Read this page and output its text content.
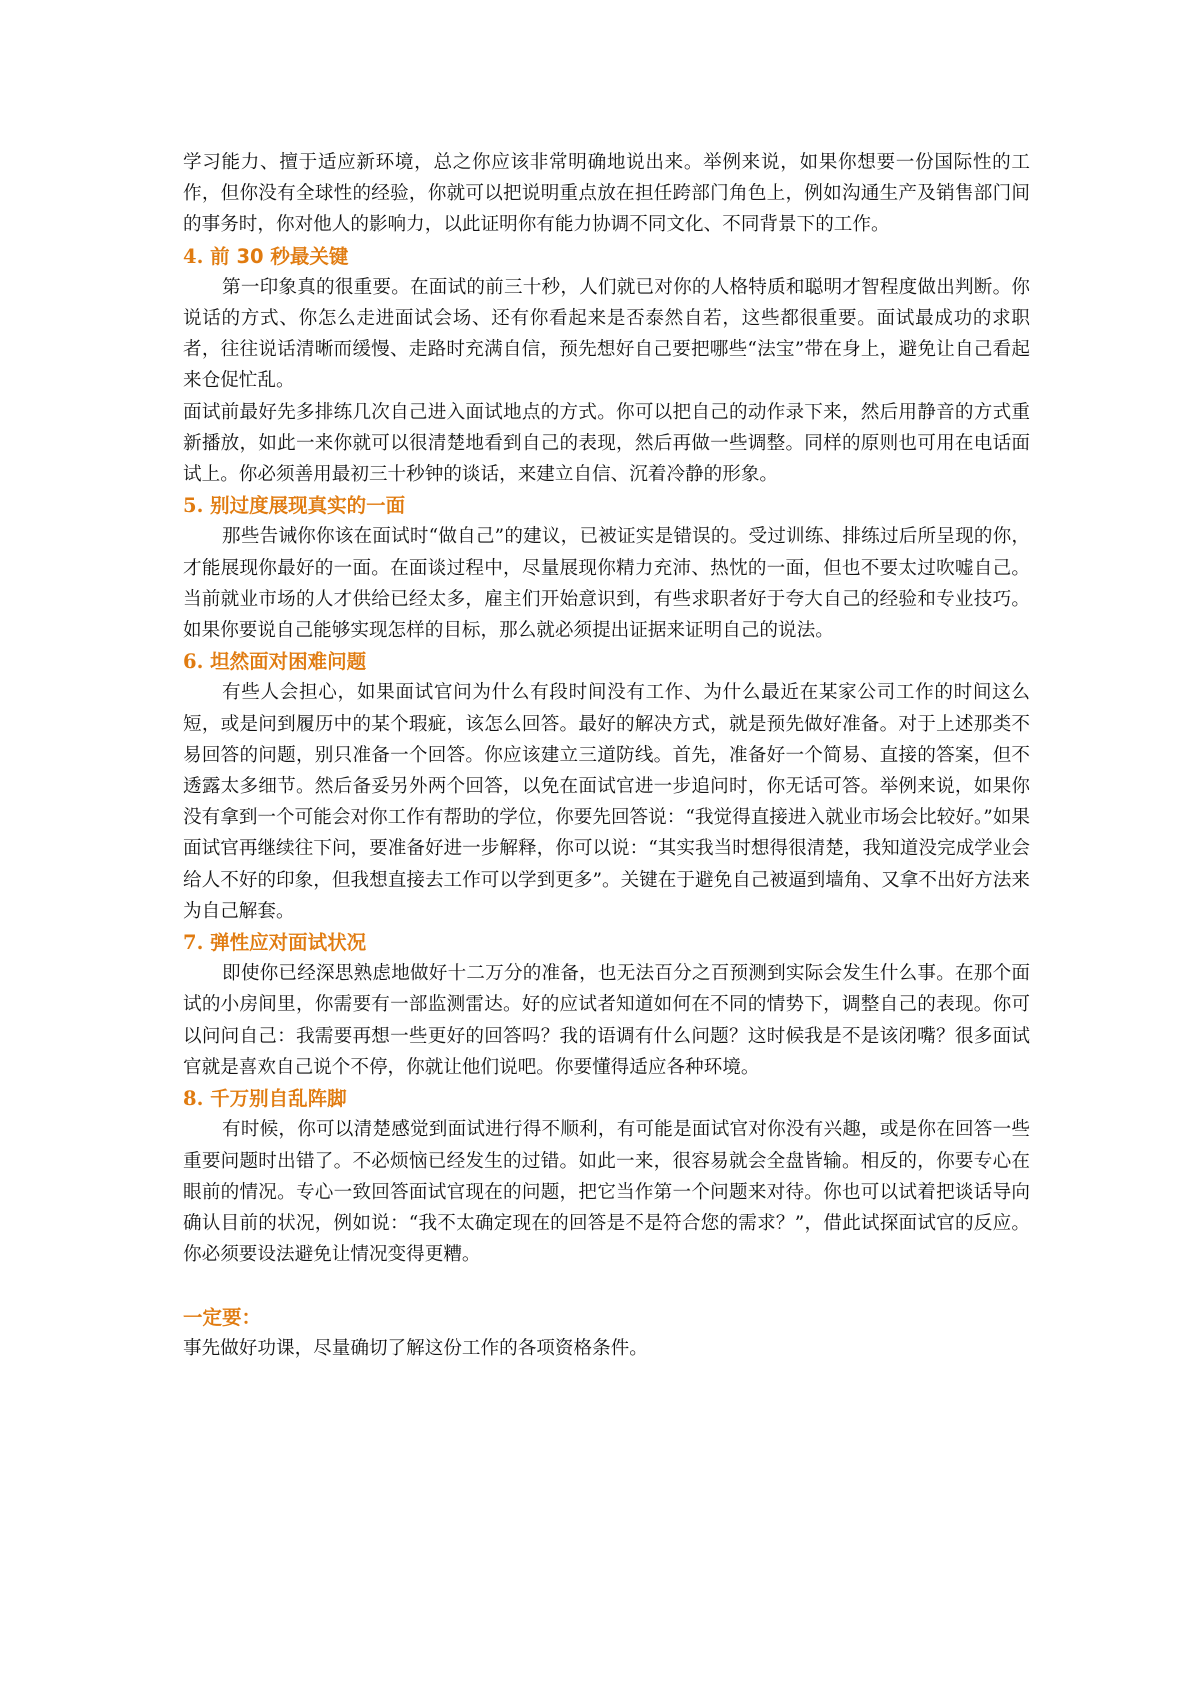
学习能力、擅于适应新环境，总之你应该非常明确地说出来。举例来说，如果你想要一份国际性的工作，但你没有全球性的经验，你就可以把说明重点放在担任跨部门角色上，例如沟通生产及销售部门间的事务时，你对他人的影响力，以此证明你有能力协调不同文化、不同背景下的工作。

4. 前 30 秒最关键

第一印象真的很重要。在面试的前三十秒，人们就已对你的人格特质和聪明才智程度做出判断。你说话的方式、你怎么走进面试会场、还有你看起来是否泰然自若，这些都很重要。面试最成功的求职者，往往说话清晰而缓慢、走路时充满自信，预先想好自己要把哪些“法宝”带在身上，避免让自己看起来仓促忙乱。

面试前最好先多排练几次自己进入面试地点的方式。你可以把自己的动作录下来，然后用静音的方式重新播放，如此一来你就可以很清楚地看到自己的表现，然后再做一些调整。同样的原则也可用在电话面试上。你必须善用最初三十秒钟的谈话，来建立自信、沉着冷静的形象。

5. 别过度展现真实的一面

那些告诫你你该在面试时“做自己”的建议，已被证实是错误的。受过训练、排练过后所呈现的你，才能展现你最好的一面。在面谈过程中，尽量展现你精力充沛、热忱的一面，但也不要太过吹嘘自己。当前就业市场的人才供给已经太多，雇主们开始意识到，有些求职者好于夸大自己的经验和专业技巧。如果你要说自己能够实现怎样的目标，那么就必须提出证据来证明自己的说法。

6. 坦然面对困难问题

有些人会担心，如果面试官问为什么有段时间没有工作、为什么最近在某家公司工作的时间这么短，或是问到履历中的某个瑕疵，该怎么回答。最好的解决方式，就是预先做好准备。对于上述那类不易回答的问题，别只准备一个回答。你应该建立三道防线。首先，准备好一个简易、直接的答案，但不透露太多细节。然后备妥另外两个回答，以免在面试官进一步追问时，你无话可答。举例来说，如果你没有拿到一个可能会对你工作有帮助的学位，你要先回答说：“我觉得直接进入就业市场会比较好。”如果面试官再继续往下问，要准备好进一步解释，你可以说：“其实我当时想得很清楚，我知道没完成学业会给人不好的印象，但我想直接去工作可以学到更多”。关键在于避免自己被逼到墙角、又拿不出好方法来为自己解套。

7. 弹性应对面试状况

即使你已经深思熟虑地做好十二万分的准备，也无法百分之百预测到实际会发生什么事。在那个面试的小房间里，你需要有一部监测雷达。好的应试者知道如何在不同的情势下，调整自己的表现。你可以问问自己：我需要再想一些更好的回答吗？我的语调有什么问题？这时候我是不是该闭嘴？很多面试官就是喜欢自己说个不停，你就让他们说吧。你要懂得适应各种环境。

8. 千万别自乱阵脚

有时候，你可以清楚感觉到面试进行得不顺利，有可能是面试官对你没有兴趣，或是你在回答一些重要问题时出错了。不必烦恼已经发生的过错。如此一来，很容易就会全盘皆输。相反的，你要专心在眼前的情况。专心一致回答面试官现在的问题，把它当作第一个问题来对待。你也可以试着把谈话导向确认目前的状况，例如说：“我不太确定现在的回答是不是符合您的需求？”，借此试探面试官的反应。你必须要设法避免让情况变得更糟。

一定要：

事先做好功课，尽量确切了解这份工作的各项资格条件。
